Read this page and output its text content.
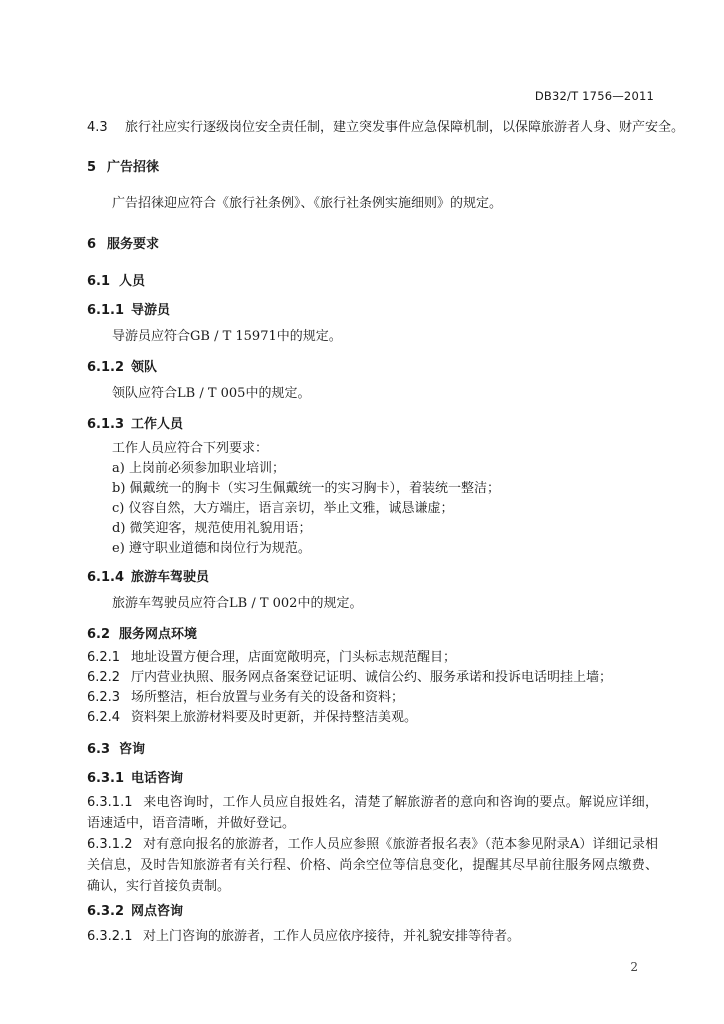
DB32/T 1756—2011
4.3 旅行社应实行逐级岗位安全责任制，建立突发事件应急保障机制，以保障旅游者人身、财产安全。
5 广告招徕
广告招徕迎应符合《旅行社条例》、《旅行社条例实施细则》的规定。
6 服务要求
6.1 人员
6.1.1 导游员
导游员应符合GB / T 15971中的规定。
6.1.2 领队
领队应符合LB / T 005中的规定。
6.1.3 工作人员
工作人员应符合下列要求：
a) 上岗前必须参加职业培训；
b) 佩戴统一的胸卡（实习生佩戴统一的实习胸卡），着装统一整洁；
c) 仪容自然，大方端庄，语言亲切，举止文雅，诚恳谦虚；
d) 微笑迎客，规范使用礼貌用语；
e) 遵守职业道德和岗位行为规范。
6.1.4 旅游车驾驶员
旅游车驾驶员应符合LB / T 002中的规定。
6.2 服务网点环境
6.2.1 地址设置方便合理，店面宽敞明亮，门头标志规范醒目；
6.2.2 厅内营业执照、服务网点备案登记证明、诚信公约、服务承诺和投诉电话明挂上墙；
6.2.3 场所整洁，柜台放置与业务有关的设备和资料；
6.2.4 资料架上旅游材料要及时更新，并保持整洁美观。
6.3 咨询
6.3.1 电话咨询
6.3.1.1 来电咨询时，工作人员应自报姓名，清楚了解旅游者的意向和咨询的要点。解说应详细，语速适中，语音清晰，并做好登记。
6.3.1.2 对有意向报名的旅游者，工作人员应参照《旅游者报名表》（范本参见附录A）详细记录相关信息，及时告知旅游者有关行程、价格、尚余空位等信息变化，提醒其尽早前往服务网点缴费、确认，实行首接负责制。
6.3.2 网点咨询
6.3.2.1 对上门咨询的旅游者，工作人员应依序接待，并礼貌安排等待者。
2
